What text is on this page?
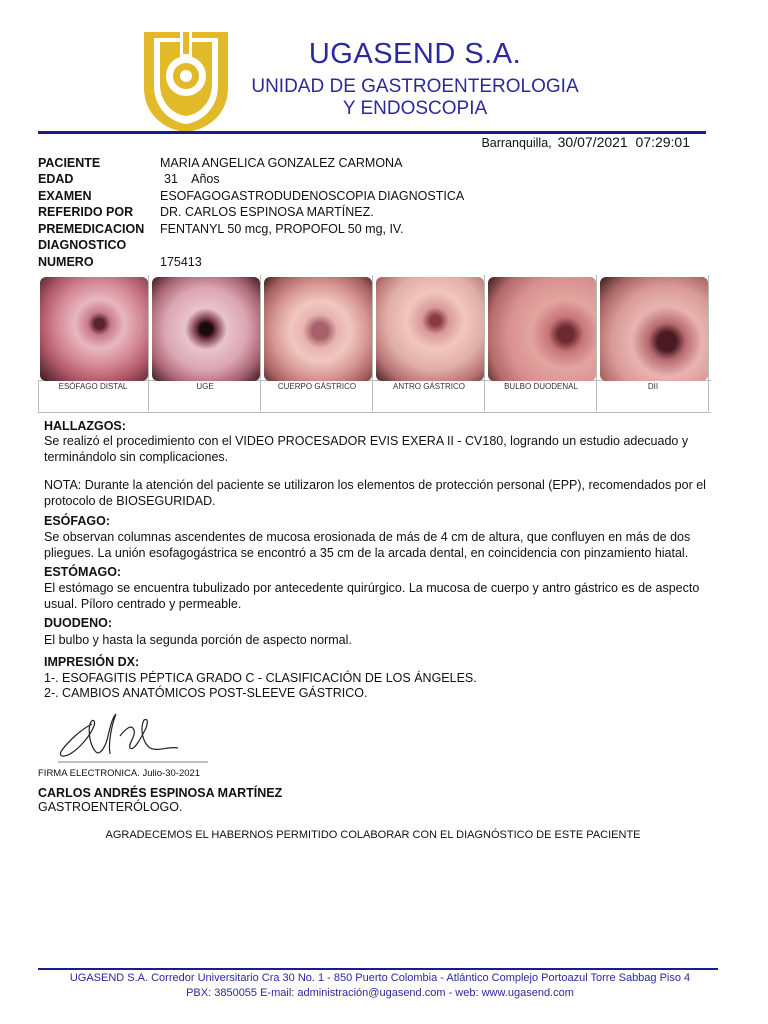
UGASEND S.A.
UNIDAD DE GASTROENTEROLOGIA
Y ENDOSCOPIA
Barranquilla, 30/07/2021 07:29:01
PACIENTE	MARIA ANGELICA GONZALEZ CARMONA
EDAD	31    Años
EXAMEN	ESOFAGOGASTRODUDENOSCOPIA DIAGNOSTICA
REFERIDO POR	DR. CARLOS ESPINOSA MARTÍNEZ.
PREMEDICACION	FENTANYL 50 mcg, PROPOFOL 50 mg, IV.
DIAGNOSTICO
NUMERO	175413
ESÓFAGO DISTAL	UGE	CUERPO GÁSTRICO	ANTRO GÁSTRICO	BULBO DUODENAL	DII
HALLAZGOS:
Se realizó el procedimiento con el VIDEO PROCESADOR EVIS EXERA II - CV180, logrando un estudio adecuado y terminándolo sin complicaciones.
NOTA: Durante la atención del paciente se utilizaron los elementos de protección personal (EPP), recomendados por el protocolo de BIOSEGURIDAD.
ESÓFAGO:
Se observan columnas ascendentes de mucosa erosionada de más de 4 cm de altura, que confluyen en más de dos pliegues. La unión esofagogástrica se encontró a 35 cm de la arcada dental, en coincidencia con pinzamiento hiatal.
ESTÓMAGO:
El estómago se encuentra tubulizado por antecedente quirúrgico. La mucosa de cuerpo y antro gástrico es de aspecto usual. Píloro centrado y permeable.
DUODENO:
El bulbo y hasta la segunda porción de aspecto normal.
IMPRESIÓN DX:
1-. ESOFAGITIS PÉPTICA GRADO C - CLASIFICACIÓN DE LOS ÁNGELES.
2-. CAMBIOS ANATÓMICOS POST-SLEEVE GÁSTRICO.
FIRMA ELECTRONICA. Julio-30-2021
CARLOS ANDRÉS ESPINOSA MARTÍNEZ
GASTROENTERÓLOGO.
AGRADECEMOS EL HABERNOS PERMITIDO COLABORAR CON EL DIAGNÓSTICO DE ESTE PACIENTE
UGASEND S.A. Corredor Universitario Cra 30 No. 1 - 850 Puerto Colombia - Atlántico Complejo Portoazul Torre Sabbag Piso 4
PBX: 3850055 E-mail: administración@ugasend.com - web: www.ugasend.com
